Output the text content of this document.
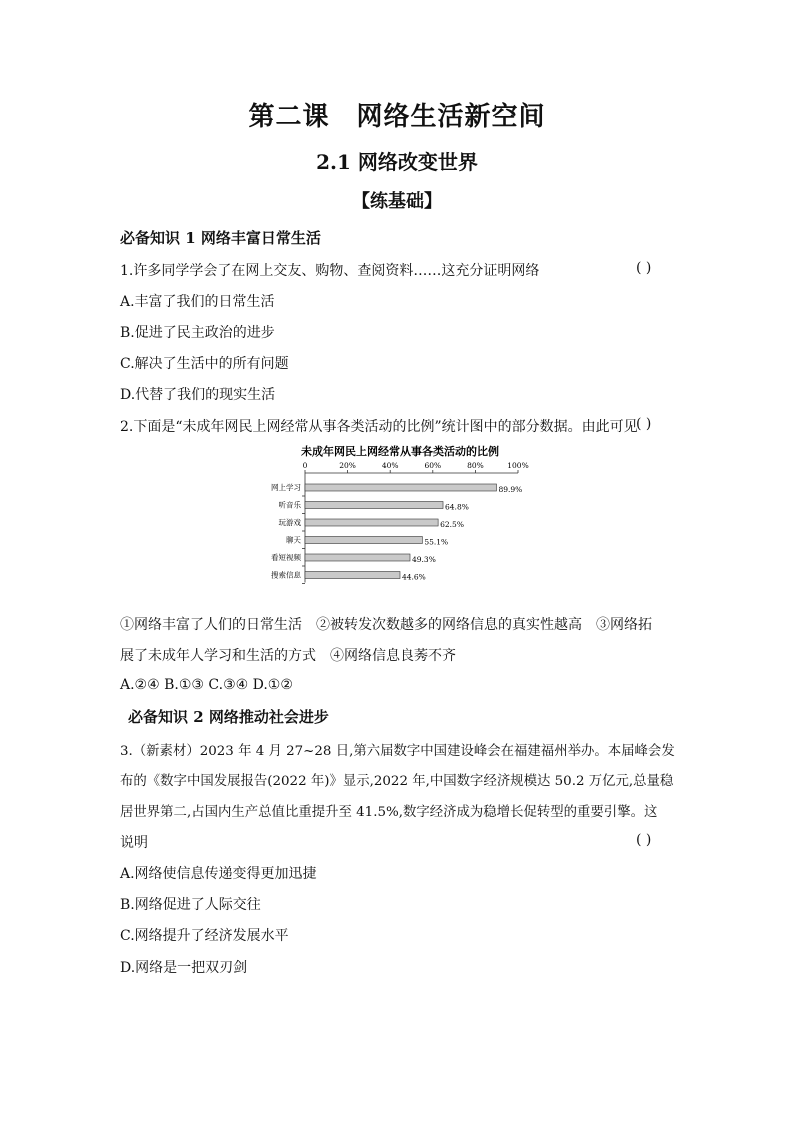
第二课　网络生活新空间
2.1 网络改变世界
【练基础】
必备知识 1 网络丰富日常生活
1.许多同学学会了在网上交友、购物、查阅资料……这充分证明网络	( )
A.丰富了我们的日常生活
B.促进了民主政治的进步
C.解决了生活中的所有问题
D.代替了我们的现实生活
2.下面是“未成年网民上网经常从事各类活动的比例”统计图中的部分数据。由此可见
( )
未成年网民上网经常从事各类活动的比例
0	20%	40%	60%	80%	100%
网上学习	89.9%
听音乐	64.8%
玩游戏	62.5%
聊天	55.1%
看短视频	49.3%
搜索信息	44.6%
①网络丰富了人们的日常生活　②被转发次数越多的网络信息的真实性越高　③网络拓
展了未成年人学习和生活的方式　④网络信息良莠不齐
A.②④ B.①③ C.③④ D.①②
必备知识 2 网络推动社会进步
3.（新素材）2023 年 4 月 27~28 日,第六届数字中国建设峰会在福建福州举办。本届峰会发
布的《数字中国发展报告(2022 年)》显示,2022 年,中国数字经济规模达 50.2 万亿元,总量稳
居世界第二,占国内生产总值比重提升至 41.5%,数字经济成为稳增长促转型的重要引擎。这
说明	( )
A.网络使信息传递变得更加迅捷
B.网络促进了人际交往
C.网络提升了经济发展水平
D.网络是一把双刃剑
